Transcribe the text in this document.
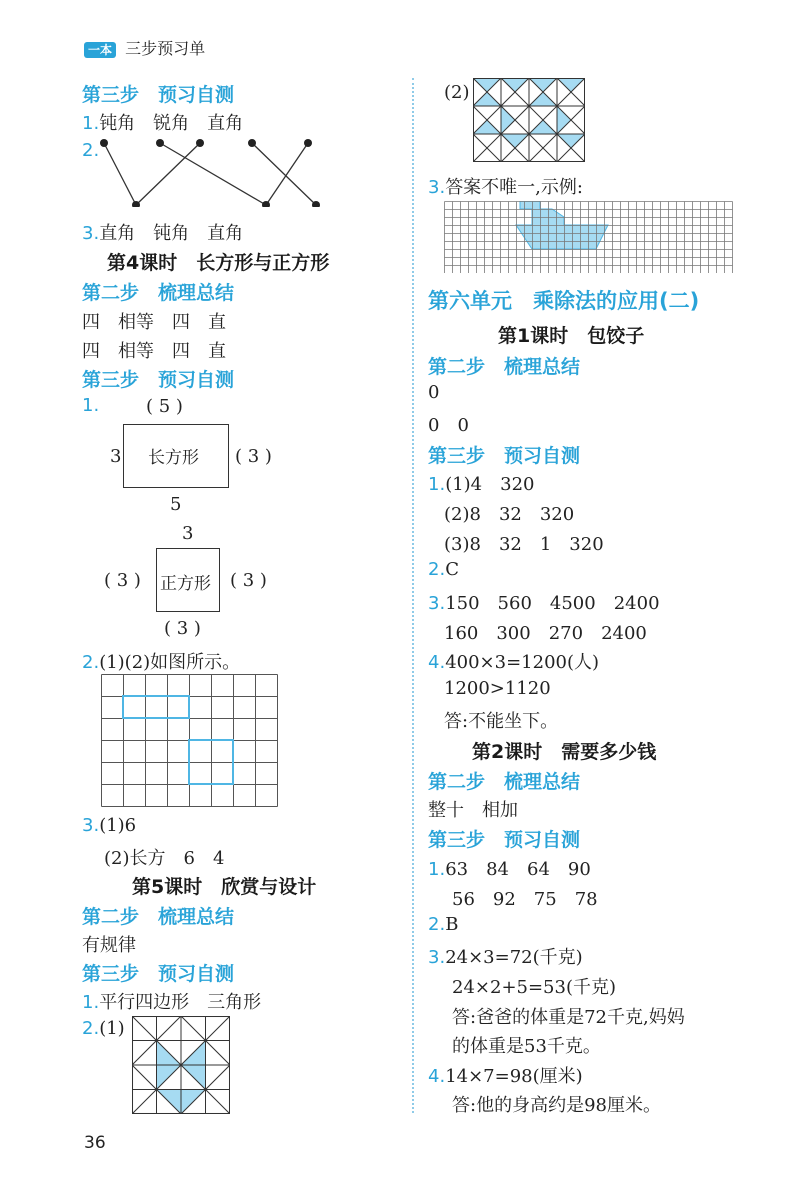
一本 三步预习单
第三步　预习自测
1.钝角　锐角　直角
2.
3.直角　钝角　直角
第4课时　长方形与正方形
第二步　梳理总结
四　相等　四　直
四　相等　四　直
第三步　预习自测
1.	( 5 )
3 长方形 ( 3 )
5
3
( 3 ) 正方形 ( 3 )
( 3 )
2.(1)(2)如图所示。
3.(1)6
(2)长方　6　4
第5课时　欣赏与设计
第二步　梳理总结
有规律
第三步　预习自测
1.平行四边形　三角形
2.(1)
36
(2)
3.答案不唯一,示例:
第六单元　乘除法的应用(二)
第1课时　包饺子
第二步　梳理总结
0
0　0
第三步　预习自测
1.(1)4　320
(2)8　32　320
(3)8　32　1　320
2.C
3.150　560　4500　2400
160　300　270　2400
4.400×3=1200(人)
1200>1120
答:不能坐下。
第2课时　需要多少钱
第二步　梳理总结
整十　相加
第三步　预习自测
1.63　84　64　90
56　92　75　78
2.B
3.24×3=72(千克)
24×2+5=53(千克)
答:爸爸的体重是72千克,妈妈
的体重是53千克。
4.14×7=98(厘米)
答:他的身高约是98厘米。
